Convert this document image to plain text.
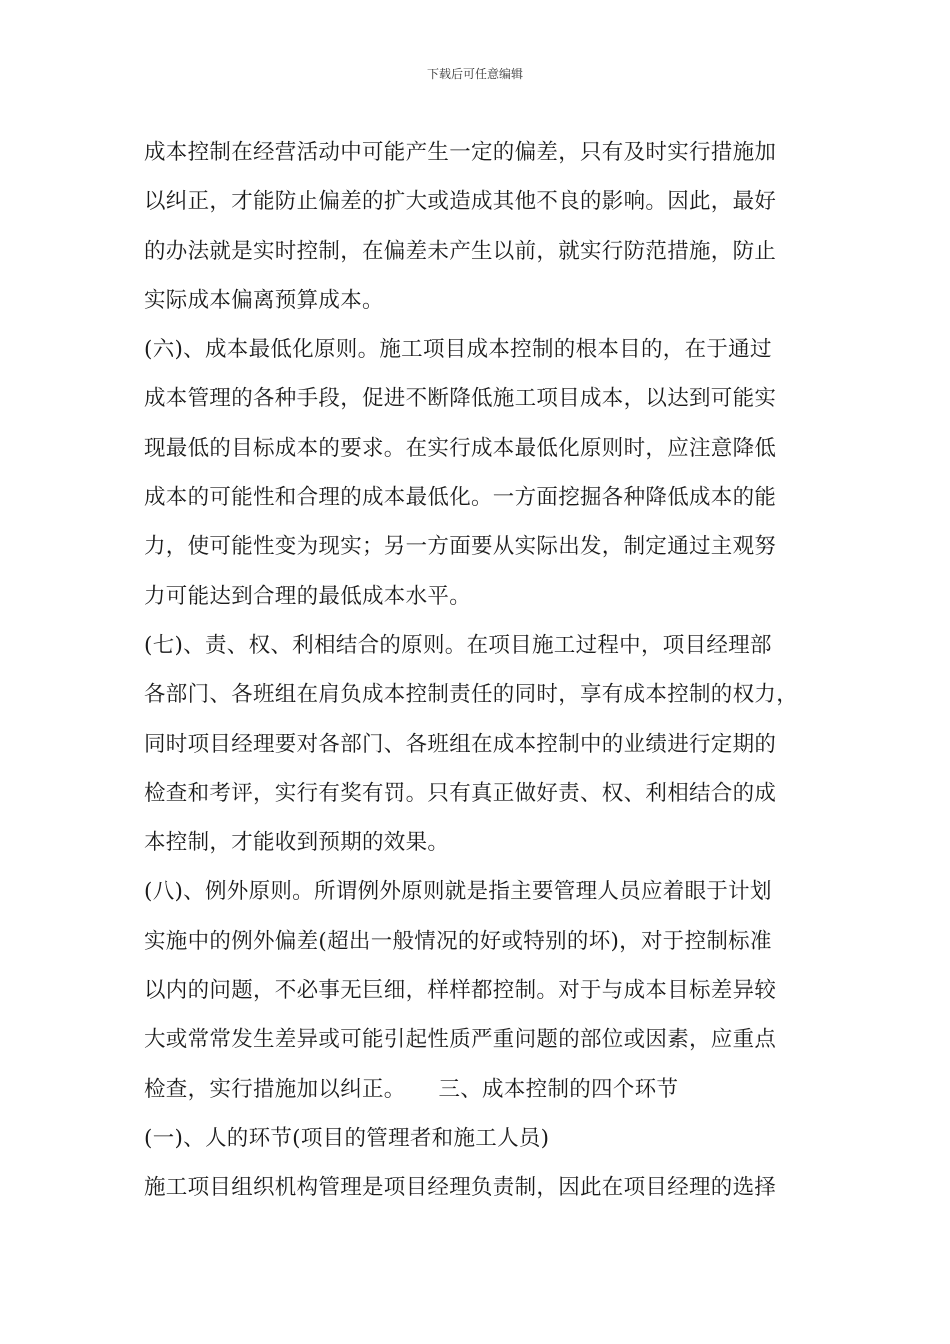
下载后可任意编辑
成本控制在经营活动中可能产生一定的偏差，只有及时实行措施加
以纠正，才能防止偏差的扩大或造成其他不良的影响。因此，最好
的办法就是实时控制，在偏差未产生以前，就实行防范措施，防止
实际成本偏离预算成本。
(六)、成本最低化原则。施工项目成本控制的根本目的，在于通过
成本管理的各种手段，促进不断降低施工项目成本，以达到可能实
现最低的目标成本的要求。在实行成本最低化原则时，应注意降低
成本的可能性和合理的成本最低化。一方面挖掘各种降低成本的能
力，使可能性变为现实；另一方面要从实际出发，制定通过主观努
力可能达到合理的最低成本水平。
(七)、责、权、利相结合的原则。在项目施工过程中，项目经理部
各部门、各班组在肩负成本控制责任的同时，享有成本控制的权力，
同时项目经理要对各部门、各班组在成本控制中的业绩进行定期的
检查和考评，实行有奖有罚。只有真正做好责、权、利相结合的成
本控制，才能收到预期的效果。
(八)、例外原则。所谓例外原则就是指主要管理人员应着眼于计划
实施中的例外偏差(超出一般情况的好或特别的坏)，对于控制标准
以内的问题，不必事无巨细，样样都控制。对于与成本目标差异较
大或常常发生差异或可能引起性质严重问题的部位或因素，应重点
检查，实行措施加以纠正。　　三、成本控制的四个环节
(一)、人的环节(项目的管理者和施工人员)
施工项目组织机构管理是项目经理负责制，因此在项目经理的选择
